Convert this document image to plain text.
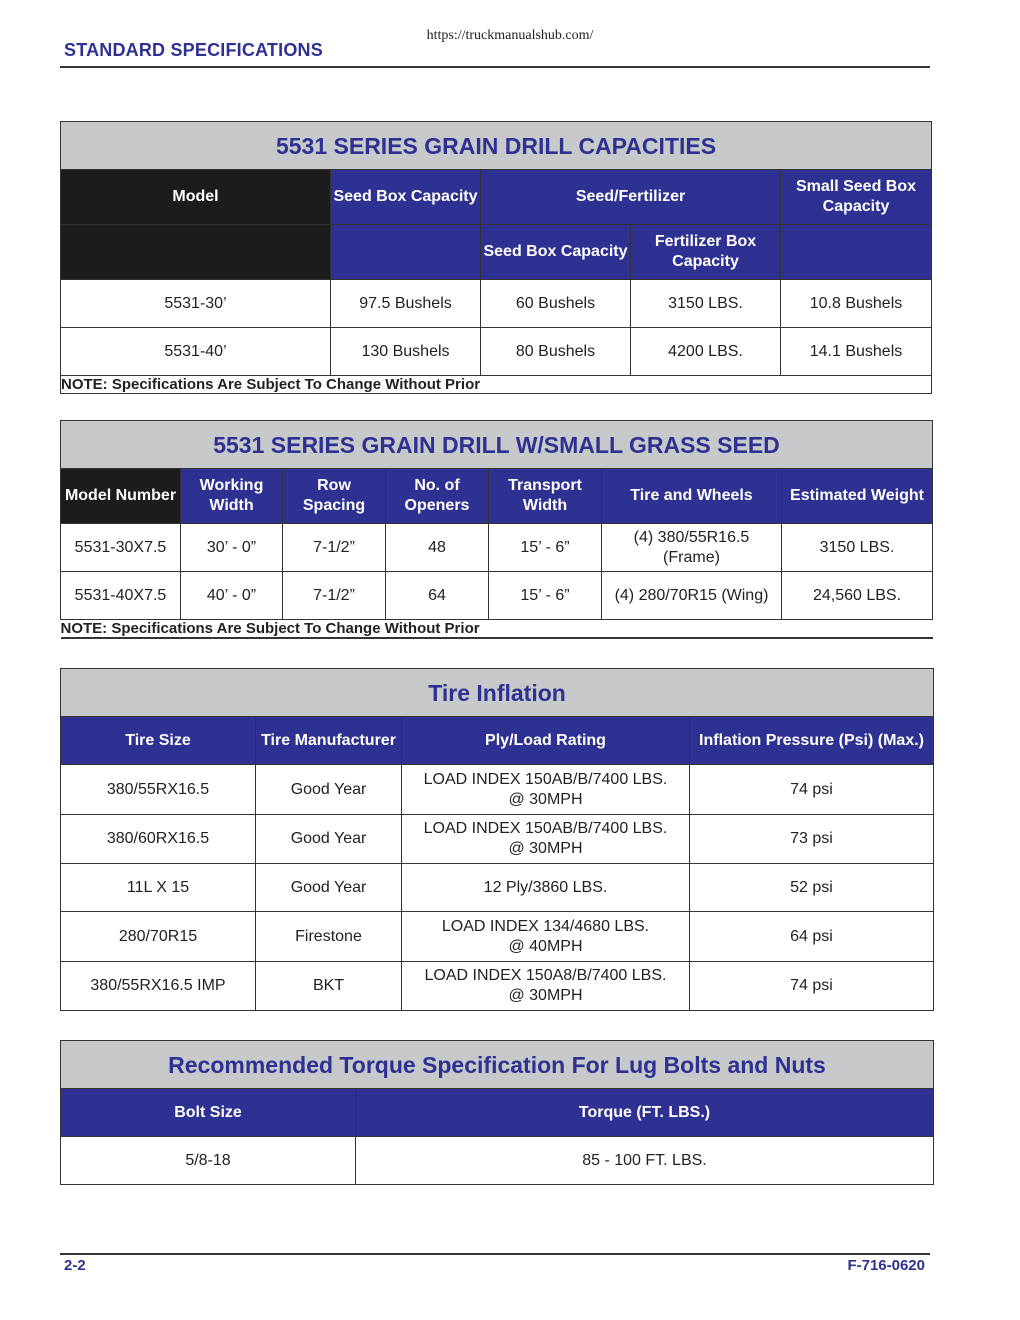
https://truckmanualshub.com/
STANDARD SPECIFICATIONS
5531 SERIES GRAIN DRILL CAPACITIES				
Model	Seed Box Capacity	Seed/Fertilizer		Small Seed Box Capacity
		Seed Box Capacity	Fertilizer Box Capacity	
5531-30’	97.5 Bushels	60 Bushels	3150 LBS.	10.8 Bushels
5531-40’	130 Bushels	80 Bushels	4200 LBS.	14.1 Bushels
NOTE: Specifications Are Subject To Change Without Prior				
5531 SERIES GRAIN DRILL W/SMALL GRASS SEED						
Model Number	Working Width	Row Spacing	No. of Openers	Transport Width	Tire and Wheels	Estimated Weight
5531-30X7.5	30’ - 0”	7-1/2”	48	15’ - 6”	(4) 380/55R16.5 (Frame)	3150 LBS.
5531-40X7.5	40’ - 0”	7-1/2”	64	15’ - 6”	(4) 280/70R15 (Wing)	24,560 LBS.
NOTE: Specifications Are Subject To Change Without Prior						
Tire Inflation			
Tire Size	Tire Manufacturer	Ply/Load Rating	Inflation Pressure (Psi) (Max.)
380/55RX16.5	Good Year	LOAD INDEX 150AB/B/7400 LBS. @ 30MPH	74 psi
380/60RX16.5	Good Year	LOAD INDEX 150AB/B/7400 LBS. @ 30MPH	73 psi
11L X 15	Good Year	12 Ply/3860 LBS.	52 psi
280/70R15	Firestone	LOAD INDEX 134/4680 LBS. @ 40MPH	64 psi
380/55RX16.5 IMP	BKT	LOAD INDEX 150A8/B/7400 LBS. @ 30MPH	74 psi
Recommended Torque Specification For Lug Bolts and Nuts	
Bolt Size	Torque (FT. LBS.)
5/8-18	85 - 100 FT. LBS.
2-2	F-716-0620
